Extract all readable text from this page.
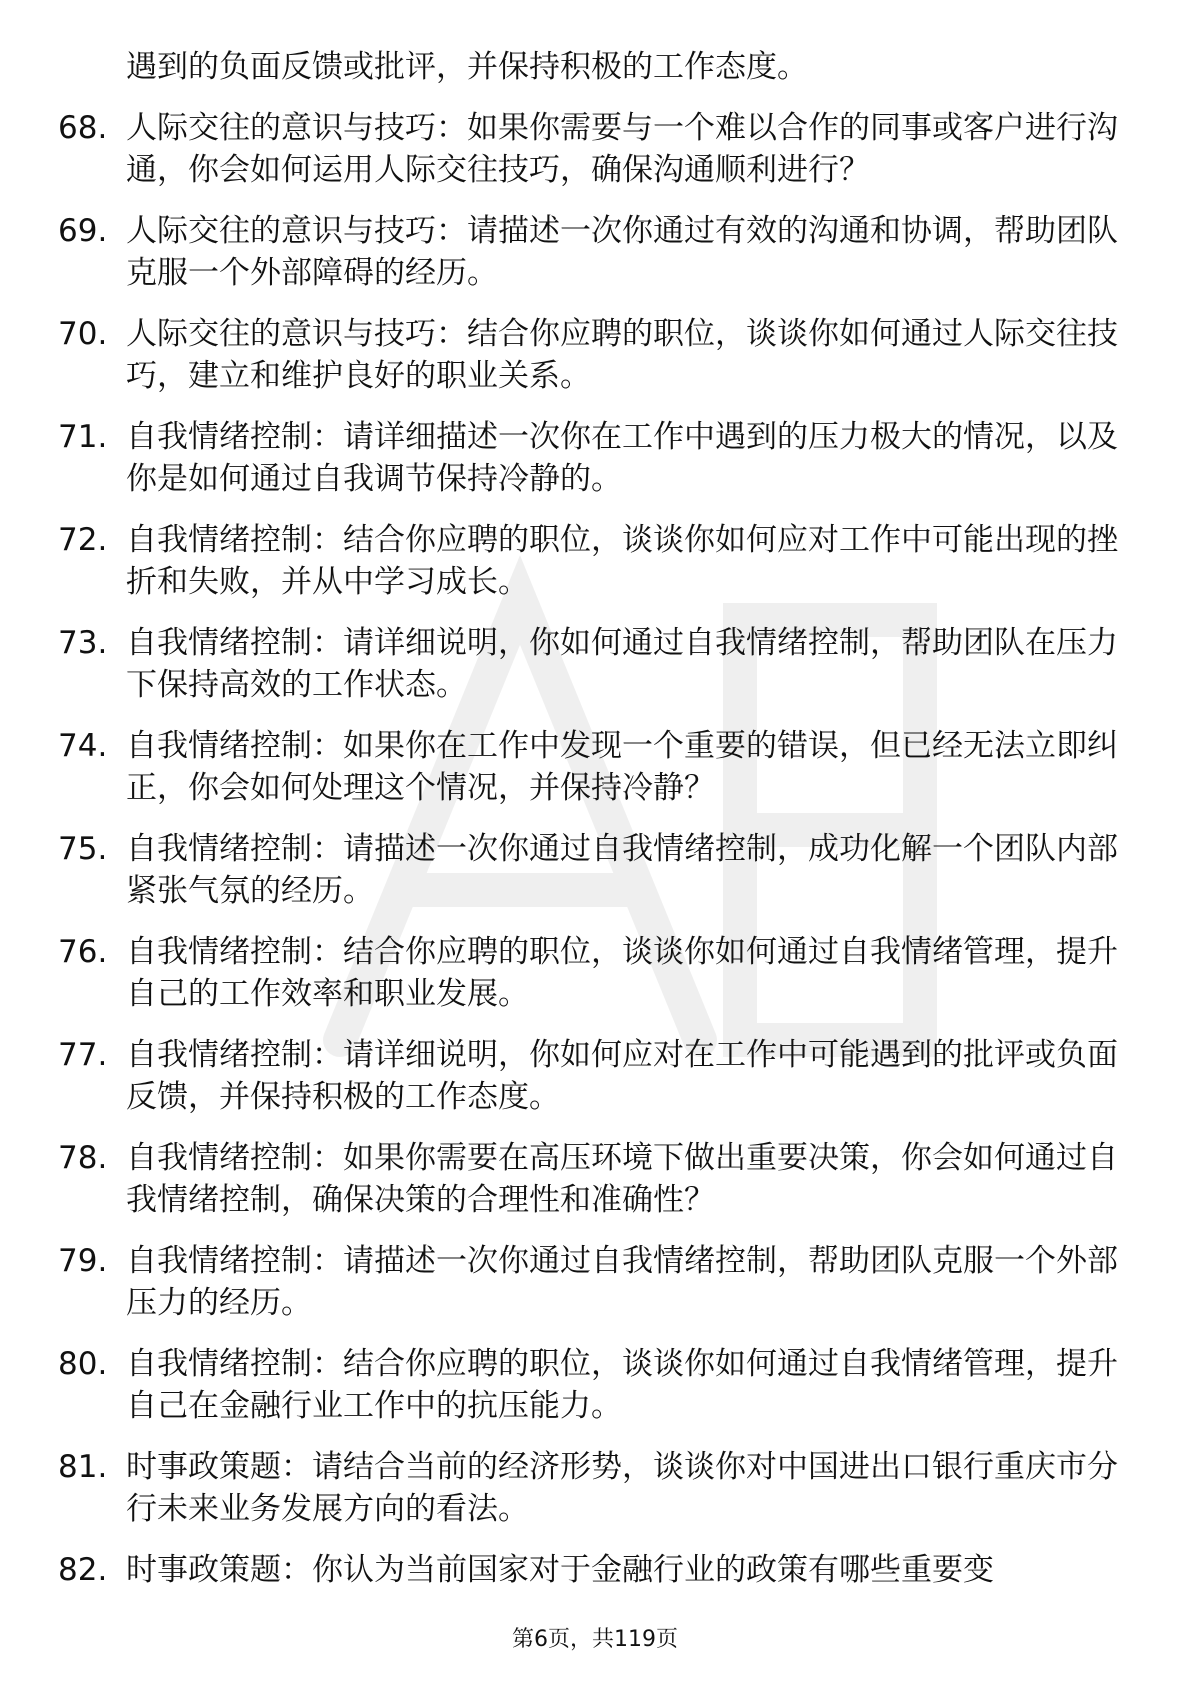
遇到的负面反馈或批评，并保持积极的工作态度。
68. 人际交往的意识与技巧：如果你需要与一个难以合作的同事或客户进行沟通，你会如何运用人际交往技巧，确保沟通顺利进行？
69. 人际交往的意识与技巧：请描述一次你通过有效的沟通和协调，帮助团队克服一个外部障碍的经历。
70. 人际交往的意识与技巧：结合你应聘的职位，谈谈你如何通过人际交往技巧，建立和维护良好的职业关系。
71. 自我情绪控制：请详细描述一次你在工作中遇到的压力极大的情况，以及你是如何通过自我调节保持冷静的。
72. 自我情绪控制：结合你应聘的职位，谈谈你如何应对工作中可能出现的挫折和失败，并从中学习成长。
73. 自我情绪控制：请详细说明，你如何通过自我情绪控制，帮助团队在压力下保持高效的工作状态。
74. 自我情绪控制：如果你在工作中发现一个重要的错误，但已经无法立即纠正，你会如何处理这个情况，并保持冷静？
75. 自我情绪控制：请描述一次你通过自我情绪控制，成功化解一个团队内部紧张气氛的经历。
76. 自我情绪控制：结合你应聘的职位，谈谈你如何通过自我情绪管理，提升自己的工作效率和职业发展。
77. 自我情绪控制：请详细说明，你如何应对在工作中可能遇到的批评或负面反馈，并保持积极的工作态度。
78. 自我情绪控制：如果你需要在高压环境下做出重要决策，你会如何通过自我情绪控制，确保决策的合理性和准确性？
79. 自我情绪控制：请描述一次你通过自我情绪控制，帮助团队克服一个外部压力的经历。
80. 自我情绪控制：结合你应聘的职位，谈谈你如何通过自我情绪管理，提升自己在金融行业工作中的抗压能力。
81. 时事政策题：请结合当前的经济形势，谈谈你对中国进出口银行重庆市分行未来业务发展方向的看法。
82. 时事政策题：你认为当前国家对于金融行业的政策有哪些重要变
第6页，共119页
